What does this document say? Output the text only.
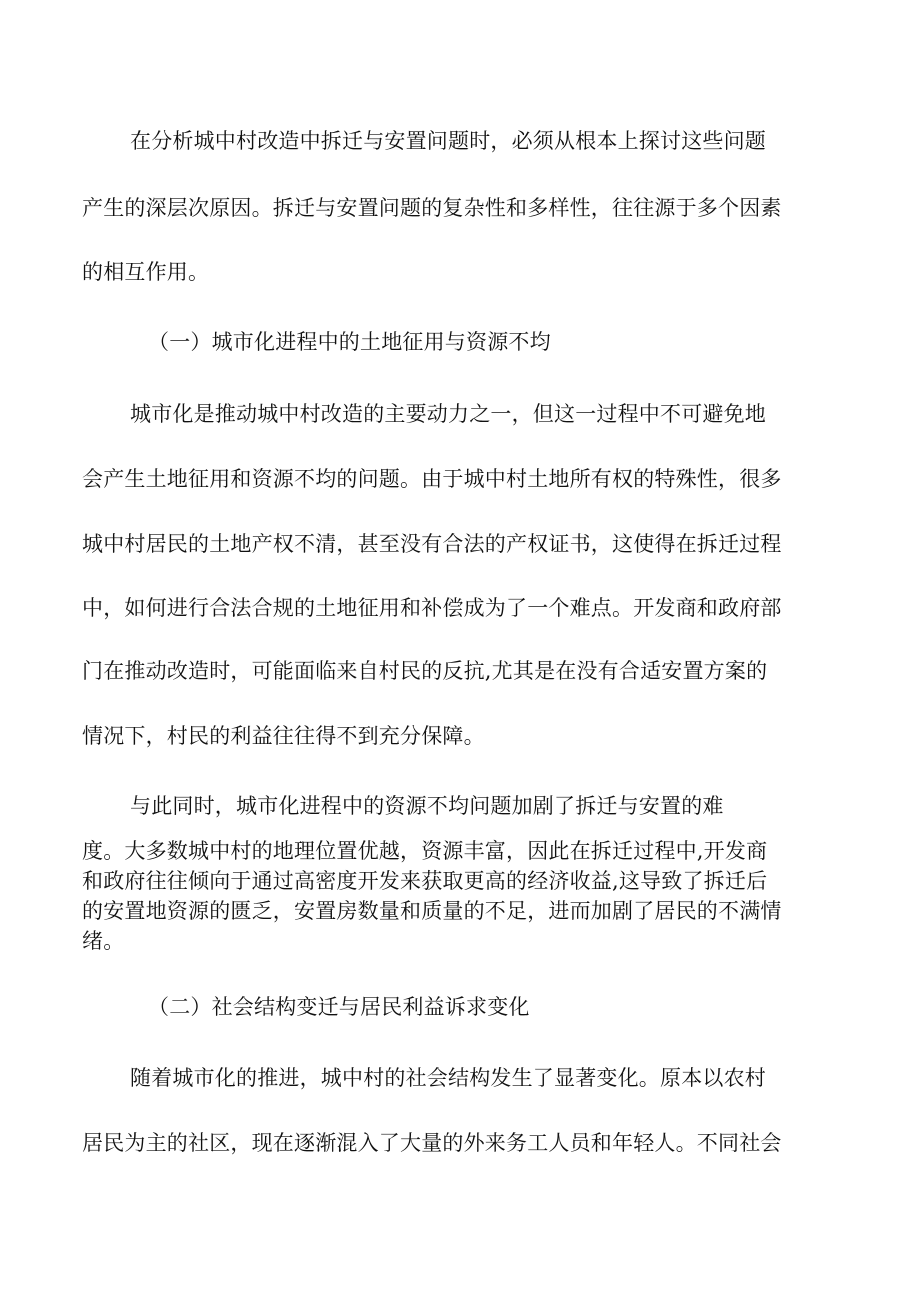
在分析城中村改造中拆迁与安置问题时，必须从根本上探讨这些问题
产生的深层次原因。拆迁与安置问题的复杂性和多样性，往往源于多个因素
的相互作用。
（一）城市化进程中的土地征用与资源不均
城市化是推动城中村改造的主要动力之一，但这一过程中不可避免地
会产生土地征用和资源不均的问题。由于城中村土地所有权的特殊性，很多
城中村居民的土地产权不清，甚至没有合法的产权证书，这使得在拆迁过程
中，如何进行合法合规的土地征用和补偿成为了一个难点。开发商和政府部
门在推动改造时，可能面临来自村民的反抗,尤其是在没有合适安置方案的
情况下，村民的利益往往得不到充分保障。
与此同时，城市化进程中的资源不均问题加剧了拆迁与安置的难
度。大多数城中村的地理位置优越，资源丰富，因此在拆迁过程中,开发商
和政府往往倾向于通过高密度开发来获取更高的经济收益,这导致了拆迁后
的安置地资源的匮乏，安置房数量和质量的不足，进而加剧了居民的不满情
绪。
（二）社会结构变迁与居民利益诉求变化
随着城市化的推进，城中村的社会结构发生了显著变化。原本以农村
居民为主的社区，现在逐渐混入了大量的外来务工人员和年轻人。不同社会
